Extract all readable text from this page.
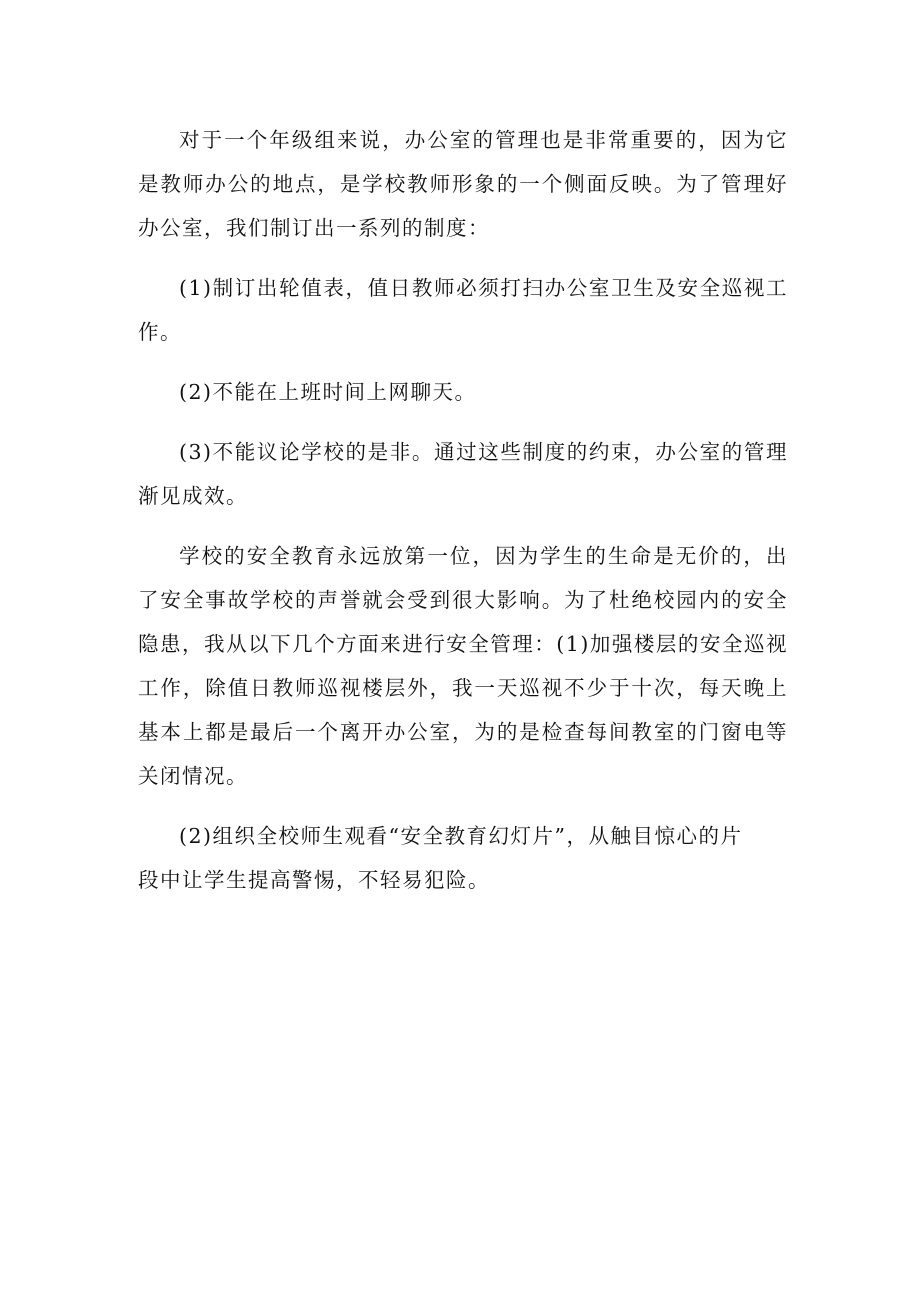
对于一个年级组来说，办公室的管理也是非常重要的，因为它是教师办公的地点，是学校教师形象的一个侧面反映。为了管理好办公室，我们制订出一系列的制度：

(1)制订出轮值表，值日教师必须打扫办公室卫生及安全巡视工作。

(2)不能在上班时间上网聊天。

(3)不能议论学校的是非。通过这些制度的约束，办公室的管理渐见成效。

学校的安全教育永远放第一位，因为学生的生命是无价的，出了安全事故学校的声誉就会受到很大影响。为了杜绝校园内的安全隐患，我从以下几个方面来进行安全管理：(1)加强楼层的安全巡视工作，除值日教师巡视楼层外，我一天巡视不少于十次，每天晚上基本上都是最后一个离开办公室，为的是检查每间教室的门窗电等关闭情况。

(2)组织全校师生观看“安全教育幻灯片”，从触目惊心的片

段中让学生提高警惕，不轻易犯险。
